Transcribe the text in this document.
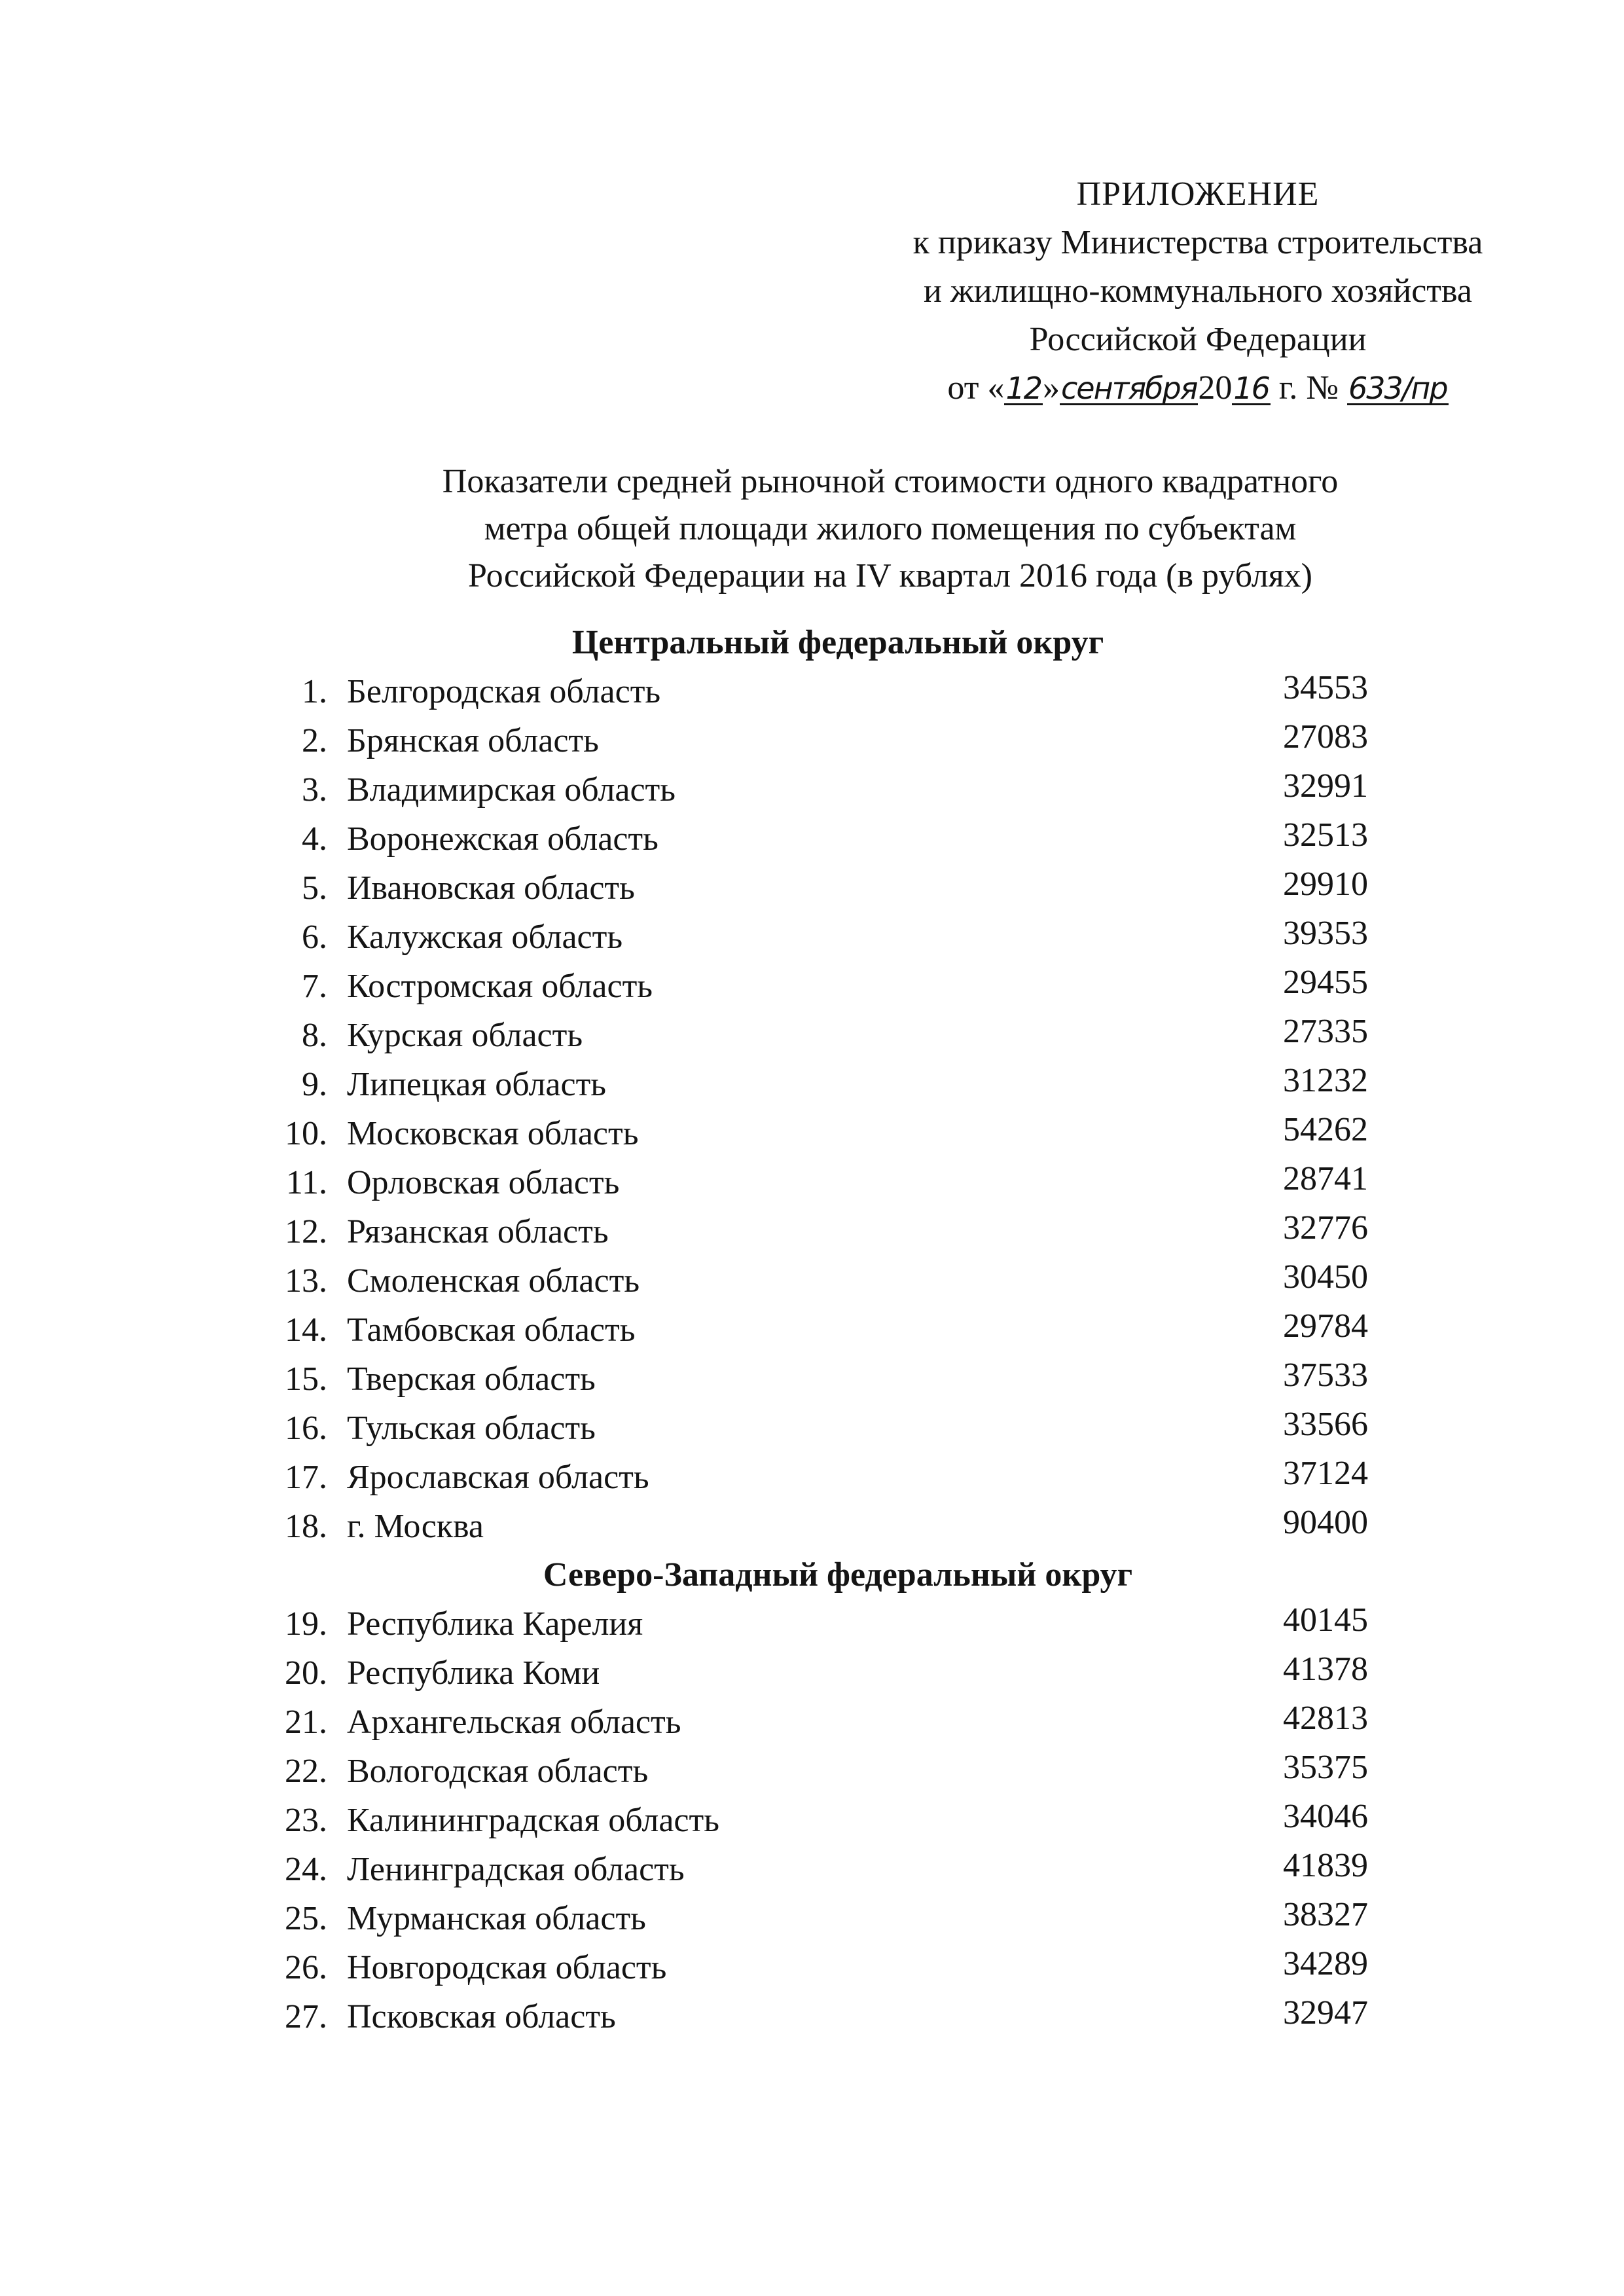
ПРИЛОЖЕНИЕ
к приказу Министерства строительства
и жилищно-коммунального хозяйства
Российской Федерации
от «12»сентября2016 г. № 633/пр
Показатели средней рыночной стоимости одного квадратного
метра общей площади жилого помещения по субъектам
Российской Федерации на IV квартал 2016 года (в рублях)
Центральный федеральный округ
1. Белгородская область	34553
2. Брянская область	27083
3. Владимирская область	32991
4. Воронежская область	32513
5. Ивановская область	29910
6. Калужская область	39353
7. Костромская область	29455
8. Курская область	27335
9. Липецкая область	31232
10. Московская область	54262
11. Орловская область	28741
12. Рязанская область	32776
13. Смоленская область	30450
14. Тамбовская область	29784
15. Тверская область	37533
16. Тульская область	33566
17. Ярославская область	37124
18. г. Москва	90400
Северо-Западный федеральный округ
19. Республика Карелия	40145
20. Республика Коми	41378
21. Архангельская область	42813
22. Вологодская область	35375
23. Калининградская область	34046
24. Ленинградская область	41839
25. Мурманская область	38327
26. Новгородская область	34289
27. Псковская область	32947
